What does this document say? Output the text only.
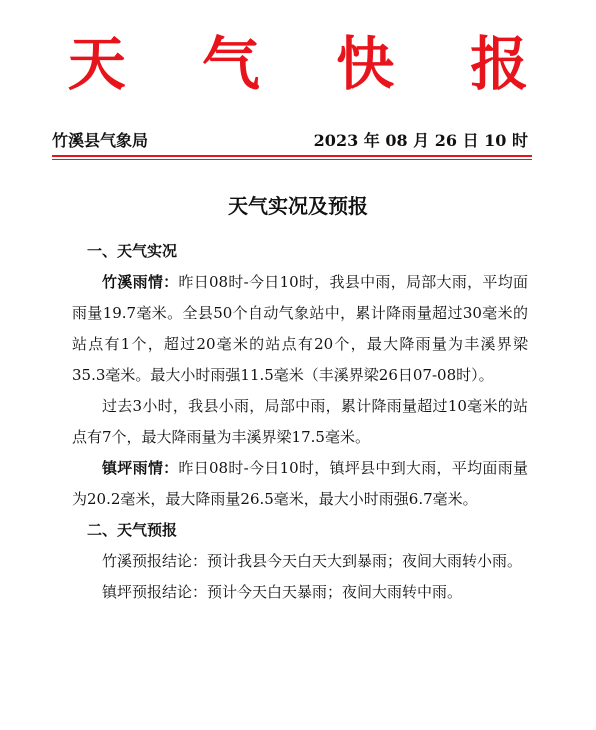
天 气 快 报
竹溪县气象局	2023 年 08 月 26 日 10 时
天气实况及预报

一、天气实况

竹溪雨情：昨日08时-今日10时，我县中雨，局部大雨，平均面雨量19.7毫米。全县50个自动气象站中，累计降雨量超过30毫米的站点有1个，超过20毫米的站点有20个，最大降雨量为丰溪界梁35.3毫米。最大小时雨强11.5毫米（丰溪界梁26日07-08时）。

过去3小时，我县小雨，局部中雨，累计降雨量超过10毫米的站点有7个，最大降雨量为丰溪界梁17.5毫米。

镇坪雨情：昨日08时-今日10时，镇坪县中到大雨，平均面雨量为20.2毫米，最大降雨量26.5毫米，最大小时雨强6.7毫米。

二、天气预报

竹溪预报结论：预计我县今天白天大到暴雨；夜间大雨转小雨。

镇坪预报结论：预计今天白天暴雨；夜间大雨转中雨。
